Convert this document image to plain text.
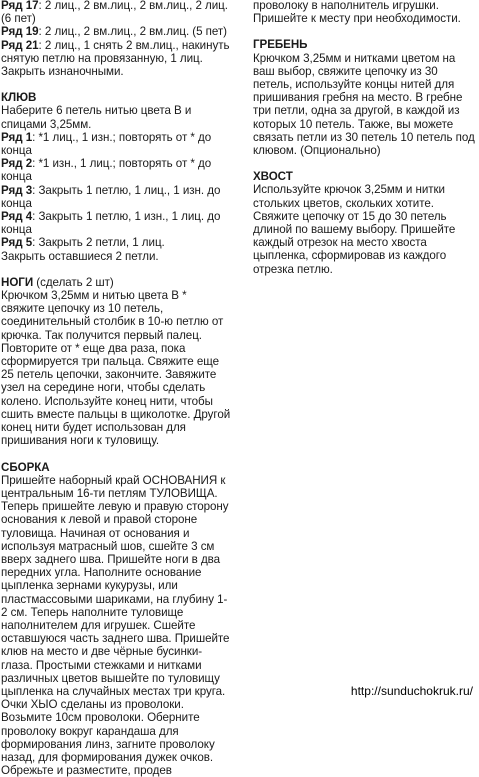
Ряд 17: 2 лиц., 2 вм.лиц., 2 вм.лиц., 2 лиц. (6 пет)

Ряд 19: 2 лиц., 2 вм.лиц., 2 вм.лиц. (5 пет)

Ряд 21: 2 лиц., 1 снять 2 вм.лиц., накинуть снятую петлю на провязанную, 1 лиц.

Закрыть изнаночными.

КЛЮВ

Наберите 6 петель нитью цвета B и спицами 3,25мм.

Ряд 1: *1 лиц., 1 изн.; повторять от * до конца

Ряд 2: *1 изн., 1 лиц.; повторять от * до конца

Ряд 3: Закрыть 1 петлю, 1 лиц., 1 изн. до конца

Ряд 4: Закрыть 1 петлю, 1 изн., 1 лиц. до конца

Ряд 5: Закрыть 2 петли, 1 лиц.

Закрыть оставшиеся 2 петли.

НОГИ (сделать 2 шт)

Крючком 3,25мм и нитью цвета B * свяжите цепочку из 10 петель, соединительный столбик в 10-ю петлю от крючка. Так получится первый палец. Повторите от * еще два раза, пока сформируется три пальца. Свяжите еще 25 петель цепочки, закончите. Завяжите узел на середине ноги, чтобы сделать колено. Используйте конец нити, чтобы сшить вместе пальцы в щиколотке. Другой конец нити будет использован для пришивания ноги к туловищу.

СБОРКА

Пришейте наборный край ОСНОВАНИЯ к центральным 16-ти петлям ТУЛОВИЩА. Теперь пришейте левую и правую сторону основания к левой и правой стороне туловища. Начиная от основания и используя матрасный шов, сшейте 3 см вверх заднего шва. Пришейте ноги в два передних угла. Наполните основание цыпленка зернами кукурузы, или пластмассовыми шариками, на глубину 1-2 см. Теперь наполните туловище наполнителем для игрушек. Сшейте оставшуюся часть заднего шва. Пришейте клюв на место и две чёрные бусинки-глаза. Простыми стежками и нитками различных цветов вышейте по туловищу цыпленка на случайных местах три круга. Очки ХЫО сделаны из проволоки. Возьмите 10см проволоки. Оберните проволоку вокруг карандаша для формирования линз, загните проволоку назад, для формирования дужек очков. Обрежьте и разместите, продев

проволоку в наполнитель игрушки. Пришейте к месту при необходимости.

ГРЕБЕНЬ

Крючком 3,25мм и нитками цветом на ваш выбор, свяжите цепочку из 30 петель, используйте концы нитей для пришивания гребня на место. В гребне три петли, одна за другой, в каждой из которых 10 петель. Также, вы можете связать петли из 30 петель 10 петель под клювом. (Опционально)

ХВОСТ

Используйте крючок 3,25мм и нитки стольких цветов, скольких хотите. Свяжите цепочку от 15 до 30 петель длиной по вашему выбору. Пришейте каждый отрезок на место хвоста цыпленка, сформировав из каждого отрезка петлю.

http://sunduchokruk.ru/
